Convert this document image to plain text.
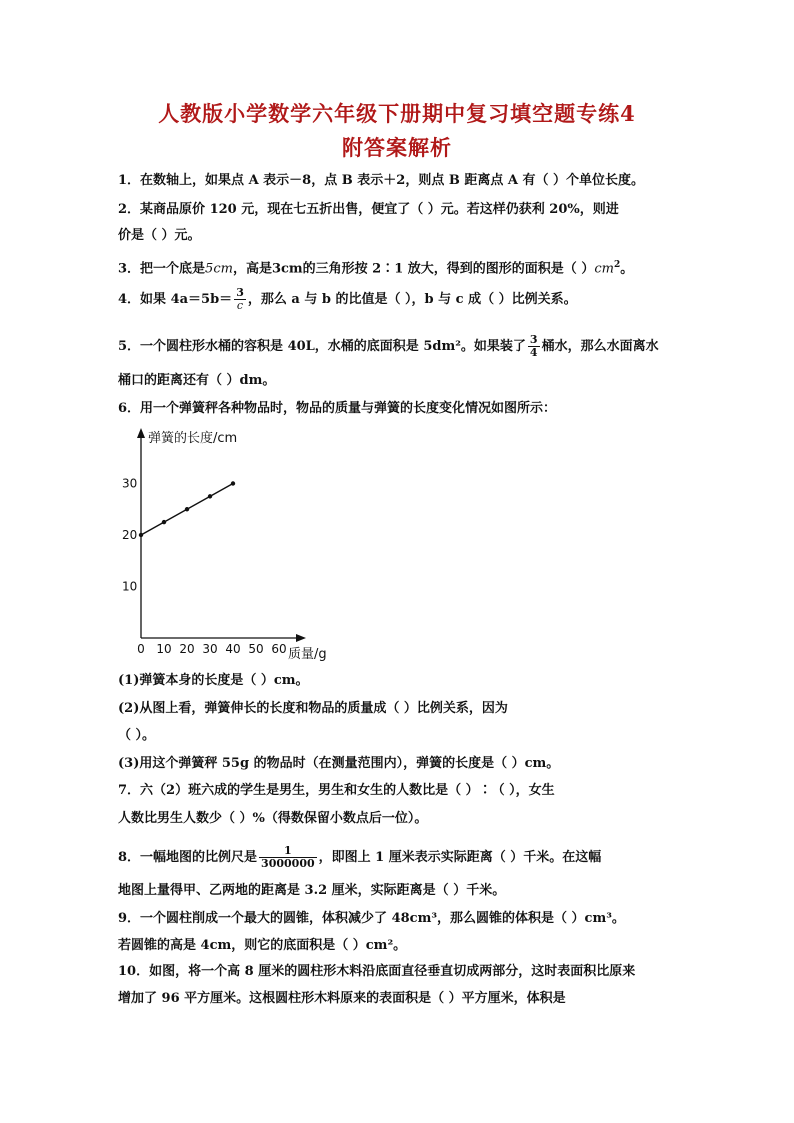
人教版小学数学六年级下册期中复习填空题专练4
附答案解析
1．在数轴上，如果点 A 表示－8，点 B 表示＋2，则点 B 距离点 A 有（ ）个单位长度。
2．某商品原价 120 元，现在七五折出售，便宜了（ ）元。若这样仍获利 20%，则进
价是（ ）元。
3．把一个底是5cm，高是3cm的三角形按 2∶1 放大，得到的图形的面积是（ ）$cm^2$。
4．如果 $4a=5b= \frac{3}{c}$ ，那么 a 与 b 的比值是（ ），b 与 c 成（ ）比例关系。
5．一个圆柱形水桶的容积是 40L，水桶的底面积是 5dm²。如果装了 $\frac{3}{4}$ 桶水，那么水面离水
桶口的距离还有（ ）dm。
6．用一个弹簧秤各种物品时，物品的质量与弹簧的长度变化情况如图所示：
弹簧的长度/cm
质量/g
0 10 20 30 40 50 60
10
20
30
(1)弹簧本身的长度是（ ）cm。
(2)从图上看，弹簧伸长的长度和物品的质量成（ ）比例关系，因为
（ ）。
(3)用这个弹簧秤 55g 的物品时（在测量范围内），弹簧的长度是（ ）cm。
7．六（2）班六成的学生是男生，男生和女生的人数比是（ ）∶（ ），女生
人数比男生人数少（ ）%（得数保留小数点后一位）。
8．一幅地图的比例尺是 $\frac{1}{3000000}$ ，即图上 1 厘米表示实际距离（ ）千米。在这幅
地图上量得甲、乙两地的距离是 3.2 厘米，实际距离是（ ）千米。
9．一个圆柱削成一个最大的圆锥，体积减少了 48cm³，那么圆锥的体积是（ ）cm³。
若圆锥的高是 4cm，则它的底面积是（ ）cm²。
10．如图，将一个高 8 厘米的圆柱形木料沿底面直径垂直切成两部分，这时表面积比原来
增加了 96 平方厘米。这根圆柱形木料原来的表面积是（ ）平方厘米，体积是
